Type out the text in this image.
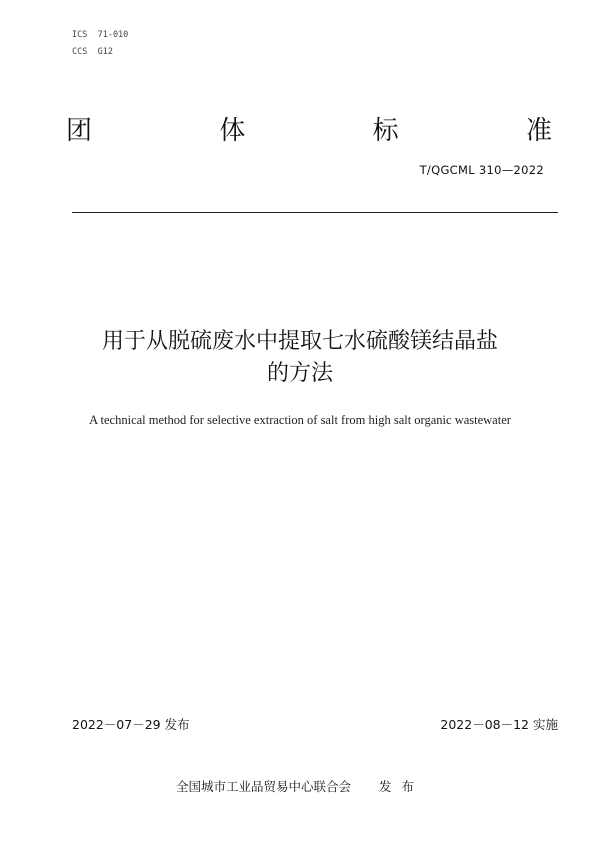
ICS  71-010
CCS  G12
团	体	标	准
T/QGCML 310—2022
用于从脱硫废水中提取七水硫酸镁结晶盐
的方法
A technical method for selective extraction of salt from high salt organic wastewater
2022－07－29 发布	2022－08－12 实施
全国城市工业品贸易中心联合会 发布
